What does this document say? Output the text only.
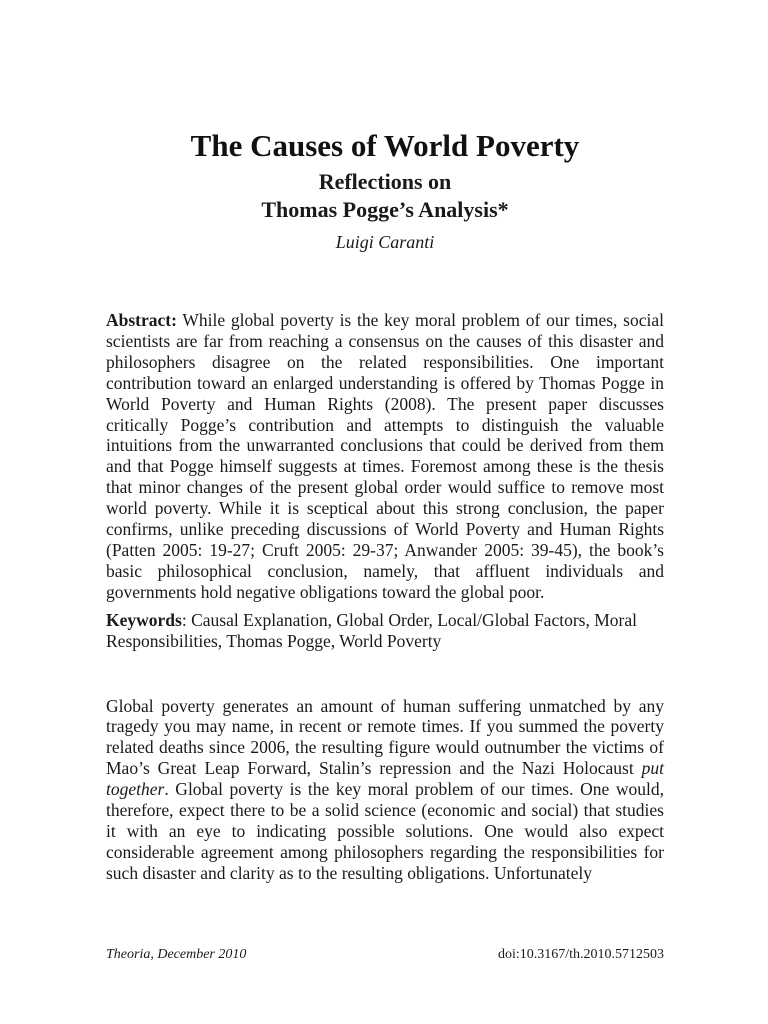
The Causes of World Poverty
Reflections on
Thomas Pogge’s Analysis*
Luigi Caranti
Abstract: While global poverty is the key moral problem of our times, social scientists are far from reaching a consensus on the causes of this disaster and philosophers disagree on the related responsibilities. One important contribution toward an enlarged understanding is offered by Thomas Pogge in World Poverty and Human Rights (2008). The present paper discusses critically Pogge’s contribution and attempts to distinguish the valuable intuitions from the unwarranted conclusions that could be derived from them and that Pogge himself suggests at times. Foremost among these is the thesis that minor changes of the present global order would suffice to remove most world poverty. While it is sceptical about this strong conclusion, the paper confirms, unlike preceding discussions of World Poverty and Human Rights (Patten 2005: 19-27; Cruft 2005: 29-37; Anwander 2005: 39-45), the book’s basic philosophical conclusion, namely, that affluent individuals and governments hold negative obligations toward the global poor.
Keywords: Causal Explanation, Global Order, Local/Global Factors, Moral Responsibilities, Thomas Pogge, World Poverty
Global poverty generates an amount of human suffering unmatched by any tragedy you may name, in recent or remote times. If you summed the poverty related deaths since 2006, the resulting figure would outnumber the victims of Mao’s Great Leap Forward, Stalin’s repression and the Nazi Holocaust put together. Global poverty is the key moral problem of our times. One would, therefore, expect there to be a solid science (economic and social) that studies it with an eye to indicating possible solutions. One would also expect considerable agreement among philosophers regarding the responsibilities for such disaster and clarity as to the resulting obligations. Unfortunately
Theoria, December 2010	doi:10.3167/th.2010.5712503
